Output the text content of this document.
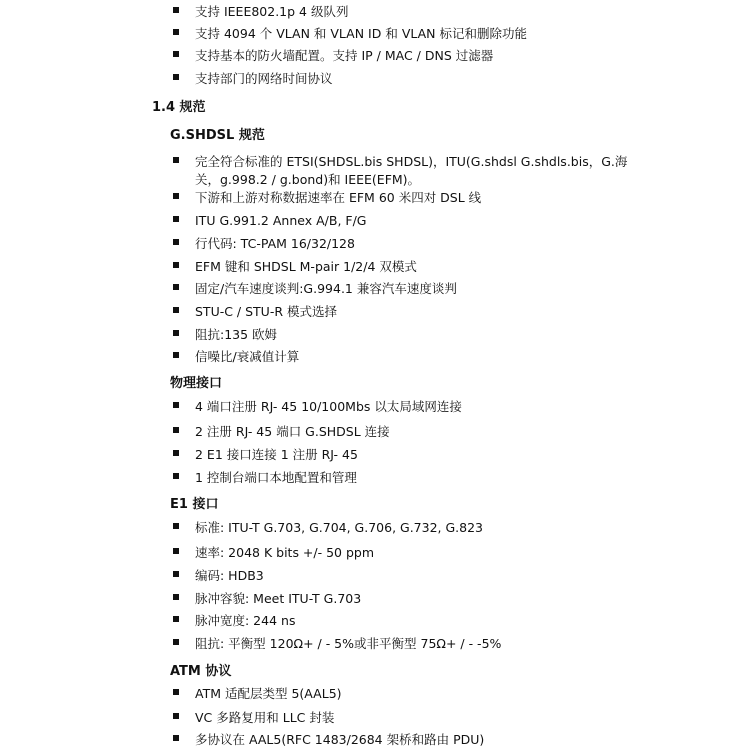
支持 IEEE802.1p 4 级队列
支持 4094 个 VLAN 和 VLAN ID 和 VLAN 标记和删除功能
支持基本的防火墙配置。支持 IP / MAC / DNS 过滤器
支持部门的网络时间协议
1.4 规范
G.SHDSL 规范
完全符合标准的 ETSI(SHDSL.bis SHDSL)，ITU(G.shdsl G.shdls.bis，G.海关，g.998.2 / g.bond)和 IEEE(EFM)。
下游和上游对称数据速率在 EFM 60 米四对 DSL 线
ITU G.991.2 Annex A/B, F/G
行代码: TC-PAM 16/32/128
EFM 键和 SHDSL M-pair 1/2/4 双模式
固定/汽车速度谈判:G.994.1 兼容汽车速度谈判
STU-C / STU-R 模式选择
阻抗:135 欧姆
信噪比/衰减值计算
物理接口
4 端口注册 RJ- 45 10/100Mbs 以太局域网连接
2 注册 RJ- 45 端口 G.SHDSL 连接
2 E1 接口连接 1 注册 RJ- 45
1 控制台端口本地配置和管理
E1 接口
标准: ITU-T G.703, G.704, G.706, G.732, G.823
速率: 2048 K bits +/- 50 ppm
编码: HDB3
脉冲容貌: Meet ITU-T G.703
脉冲宽度: 244 ns
阻抗: 平衡型 120Ω+ / - 5%或非平衡型 75Ω+ / - -5%
ATM 协议
ATM 适配层类型 5(AAL5)
VC 多路复用和 LLC 封装
多协议在 AAL5(RFC 1483/2684 架桥和路由 PDU)
